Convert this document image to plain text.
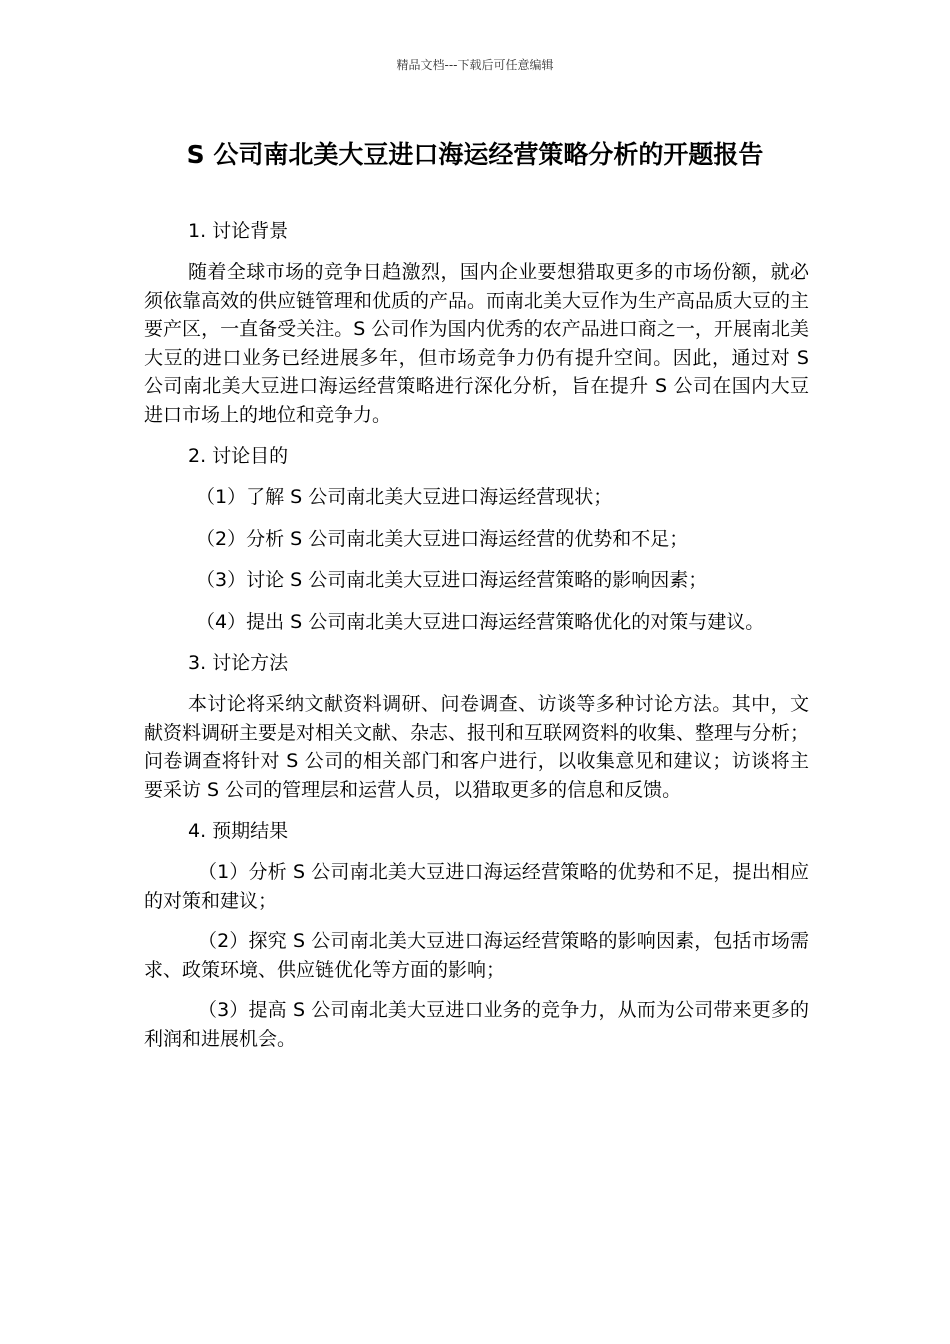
精品文档---下载后可任意编辑
S 公司南北美大豆进口海运经营策略分析的开题报告
1. 讨论背景

随着全球市场的竞争日趋激烈，国内企业要想猎取更多的市场份额，就必须依靠高效的供应链管理和优质的产品。而南北美大豆作为生产高品质大豆的主要产区，一直备受关注。S 公司作为国内优秀的农产品进口商之一，开展南北美大豆的进口业务已经进展多年，但市场竞争力仍有提升空间。因此，通过对 S 公司南北美大豆进口海运经营策略进行深化分析，旨在提升 S 公司在国内大豆进口市场上的地位和竞争力。

2. 讨论目的
（1）了解 S 公司南北美大豆进口海运经营现状；
（2）分析 S 公司南北美大豆进口海运经营的优势和不足；
（3）讨论 S 公司南北美大豆进口海运经营策略的影响因素；
（4）提出 S 公司南北美大豆进口海运经营策略优化的对策与建议。
3. 讨论方法

本讨论将采纳文献资料调研、问卷调查、访谈等多种讨论方法。其中，文献资料调研主要是对相关文献、杂志、报刊和互联网资料的收集、整理与分析；问卷调查将针对 S 公司的相关部门和客户进行，以收集意见和建议；访谈将主要采访 S 公司的管理层和运营人员，以猎取更多的信息和反馈。

4. 预期结果

（1）分析 S 公司南北美大豆进口海运经营策略的优势和不足，提出相应的对策和建议；

（2）探究 S 公司南北美大豆进口海运经营策略的影响因素，包括市场需求、政策环境、供应链优化等方面的影响；

（3）提高 S 公司南北美大豆进口业务的竞争力，从而为公司带来更多的利润和进展机会。
